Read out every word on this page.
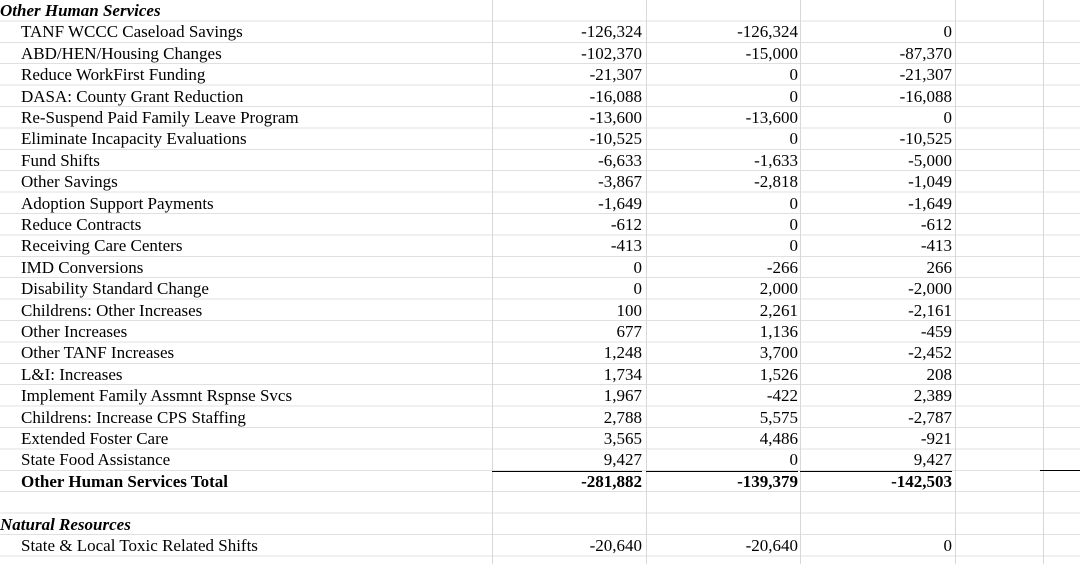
Other Human Services
TANF WCCC Caseload Savings	-126,324	-126,324	0
ABD/HEN/Housing Changes	-102,370	-15,000	-87,370
Reduce WorkFirst Funding	-21,307	0	-21,307
DASA: County Grant Reduction	-16,088	0	-16,088
Re-Suspend Paid Family Leave Program	-13,600	-13,600	0
Eliminate Incapacity Evaluations	-10,525	0	-10,525
Fund Shifts	-6,633	-1,633	-5,000
Other Savings	-3,867	-2,818	-1,049
Adoption Support Payments	-1,649	0	-1,649
Reduce Contracts	-612	0	-612
Receiving Care Centers	-413	0	-413
IMD Conversions	0	-266	266
Disability Standard Change	0	2,000	-2,000
Childrens: Other Increases	100	2,261	-2,161
Other Increases	677	1,136	-459
Other TANF Increases	1,248	3,700	-2,452
L&I: Increases	1,734	1,526	208
Implement Family Assmnt Rspnse Svcs	1,967	-422	2,389
Childrens: Increase CPS Staffing	2,788	5,575	-2,787
Extended Foster Care	3,565	4,486	-921
State Food Assistance	9,427	0	9,427
Other Human Services Total	-281,882	-139,379	-142,503
Natural Resources
State & Local Toxic Related Shifts	-20,640	-20,640	0
